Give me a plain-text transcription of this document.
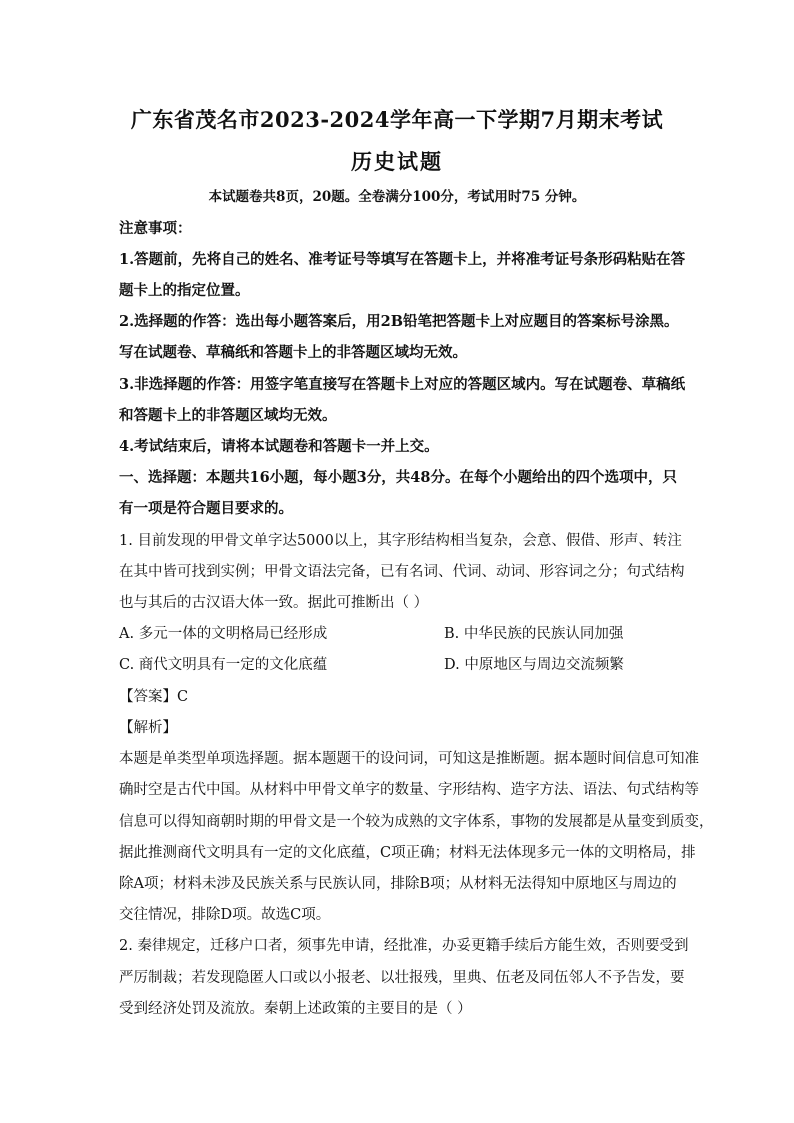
广东省茂名市2023-2024学年高一下学期7月期末考试
历史试题
本试题卷共8页，20题。全卷满分100分，考试用时75 分钟。
注意事项：
1.答题前，先将自己的姓名、准考证号等填写在答题卡上，并将准考证号条形码粘贴在答
题卡上的指定位置。
2.选择题的作答：选出每小题答案后，用2B铅笔把答题卡上对应题目的答案标号涂黑。
写在试题卷、草稿纸和答题卡上的非答题区域均无效。
3.非选择题的作答：用签字笔直接写在答题卡上对应的答题区域内。写在试题卷、草稿纸
和答题卡上的非答题区域均无效。
4.考试结束后，请将本试题卷和答题卡一并上交。
一、选择题：本题共16小题，每小题3分，共48分。在每个小题给出的四个选项中，只
有一项是符合题目要求的。
1. 目前发现的甲骨文单字达5000以上，其字形结构相当复杂，会意、假借、形声、转注
在其中皆可找到实例；甲骨文语法完备，已有名词、代词、动词、形容词之分；句式结构
也与其后的古汉语大体一致。据此可推断出（ ）
A. 多元一体的文明格局已经形成	B. 中华民族的民族认同加强
C. 商代文明具有一定的文化底蕴	D. 中原地区与周边交流频繁
【答案】C
【解析】
本题是单类型单项选择题。据本题题干的设问词，可知这是推断题。据本题时间信息可知准
确时空是古代中国。从材料中甲骨文单字的数量、字形结构、造字方法、语法、句式结构等
信息可以得知商朝时期的甲骨文是一个较为成熟的文字体系，事物的发展都是从量变到质变，
据此推测商代文明具有一定的文化底蕴，C项正确；材料无法体现多元一体的文明格局，排
除A项；材料未涉及民族关系与民族认同，排除B项；从材料无法得知中原地区与周边的
交往情况，排除D项。故选C项。
2. 秦律规定，迁移户口者，须事先申请，经批准，办妥更籍手续后方能生效，否则要受到
严厉制裁；若发现隐匿人口或以小报老、以壮报残，里典、伍老及同伍邻人不予告发，要
受到经济处罚及流放。秦朝上述政策的主要目的是（ ）
